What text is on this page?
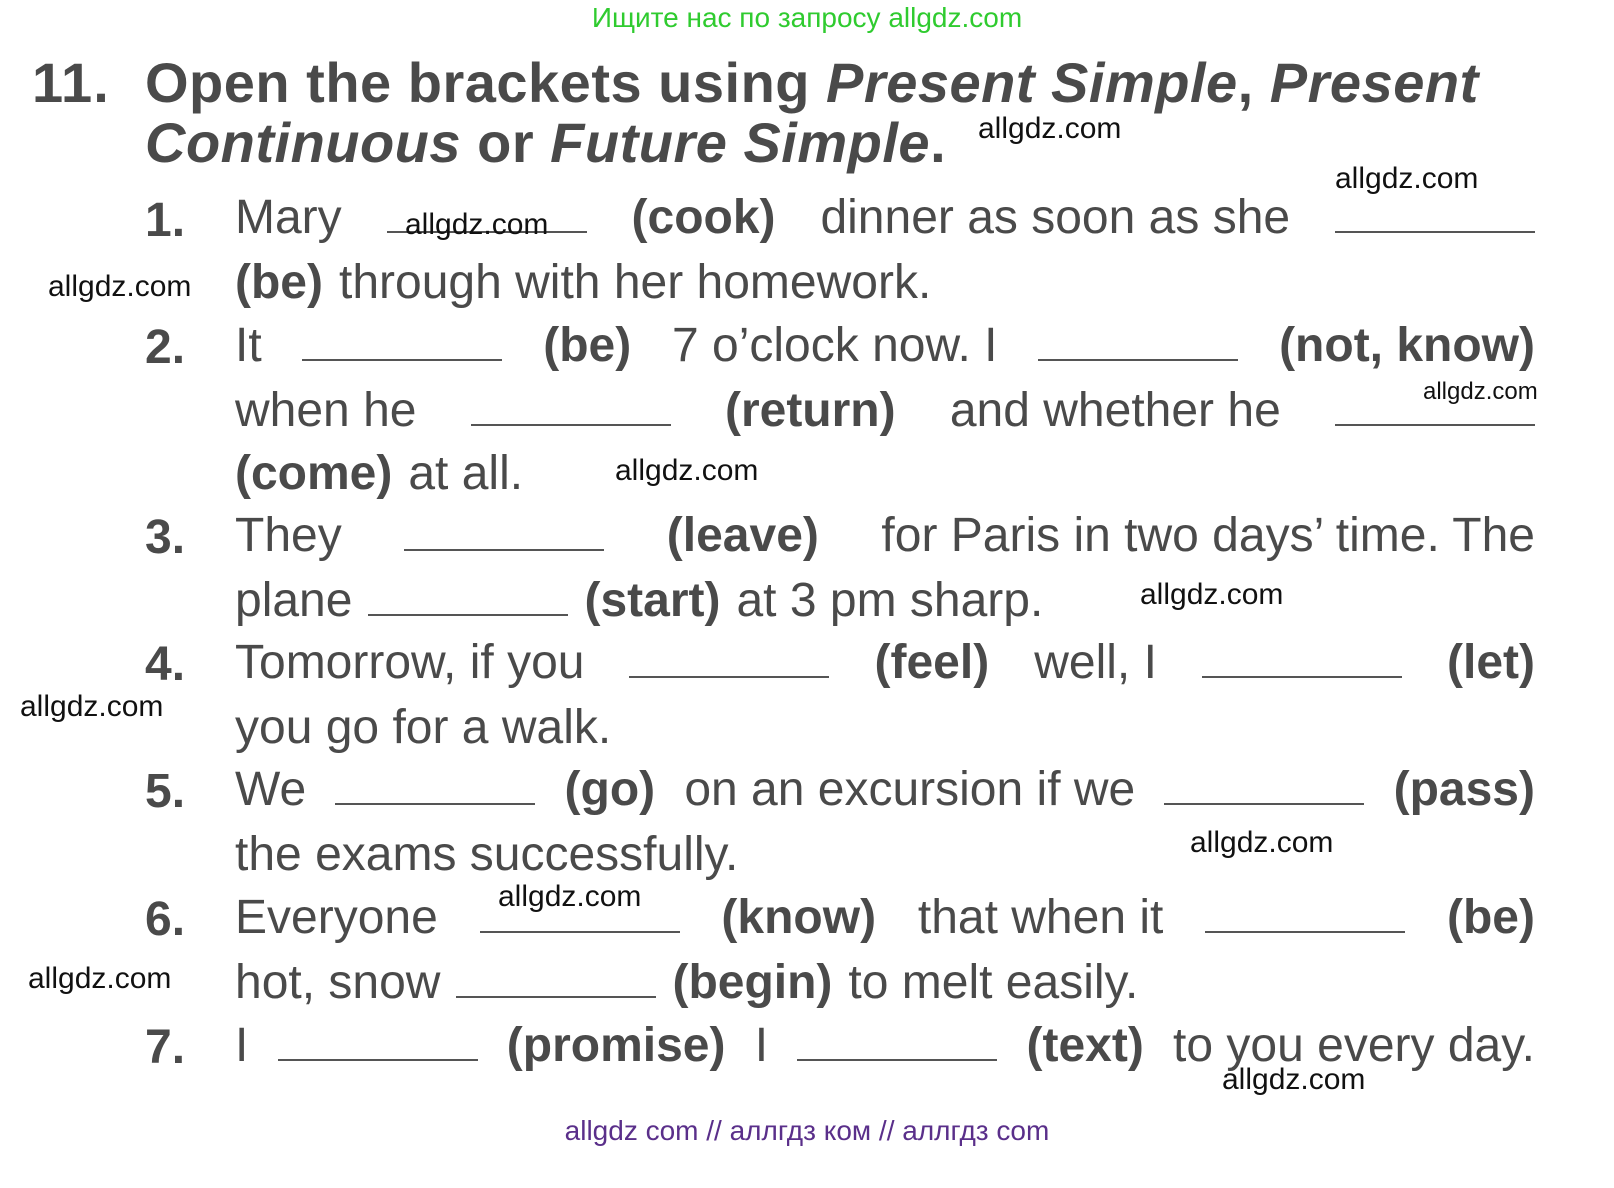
Ищите нас по запросу allgdz.com
11. Open the brackets using Present Simple, Present
Continuous or Future Simple.
1. Mary	(cook) dinner as soon as she
(be) through with her homework.
2. It	(be) 7 o’clock now. I	(not, know)
when he	(return) and whether he
(come) at all.
3. They	(leave) for Paris in two days’ time. The
plane	(start) at 3 pm sharp.
4. Tomorrow, if you	(feel) well, I	(let)
you go for a walk.
5. We	(go) on an excursion if we	(pass)
the exams successfully.
6. Everyone	(know) that when it	(be)
hot, snow	(begin) to melt easily.
7. I	(promise) I	(text) to you every day.
allgdz.com
allgdz.com
allgdz.com
allgdz.com
allgdz.com
allgdz.com
allgdz.com
allgdz.com
allgdz.com
allgdz.com
allgdz.com
allgdz.com
allgdz com // аллгдз ком // аллгдз com
